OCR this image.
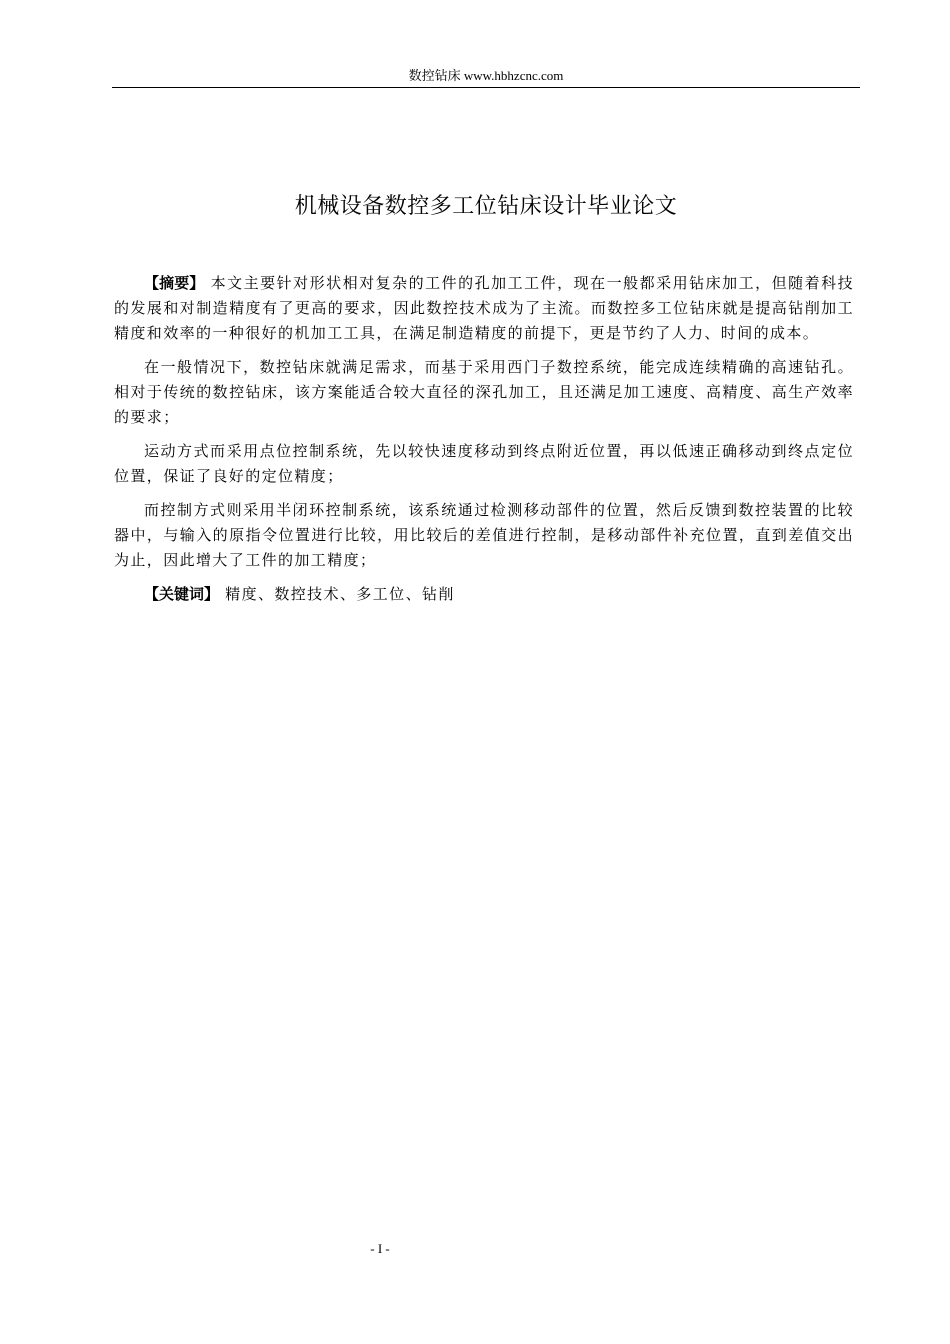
数控钻床 www.hbhzcnc.com
机械设备数控多工位钻床设计毕业论文

【摘要】 本文主要针对形状相对复杂的工件的孔加工工件，现在一般都采用钻床加工，但随着科技的发展和对制造精度有了更高的要求，因此数控技术成为了主流。而数控多工位钻床就是提高钻削加工精度和效率的一种很好的机加工工具，在满足制造精度的前提下，更是节约了人力、时间的成本。

在一般情况下，数控钻床就满足需求，而基于采用西门子数控系统，能完成连续精确的高速钻孔。相对于传统的数控钻床，该方案能适合较大直径的深孔加工，且还满足加工速度、高精度、高生产效率的要求；

运动方式而采用点位控制系统，先以较快速度移动到终点附近位置，再以低速正确移动到终点定位位置，保证了良好的定位精度；

而控制方式则采用半闭环控制系统，该系统通过检测移动部件的位置，然后反馈到数控装置的比较器中，与输入的原指令位置进行比较，用比较后的差值进行控制，是移动部件补充位置，直到差值交出为止，因此增大了工件的加工精度；

【关键词】 精度、数控技术、多工位、钻削

- I -
